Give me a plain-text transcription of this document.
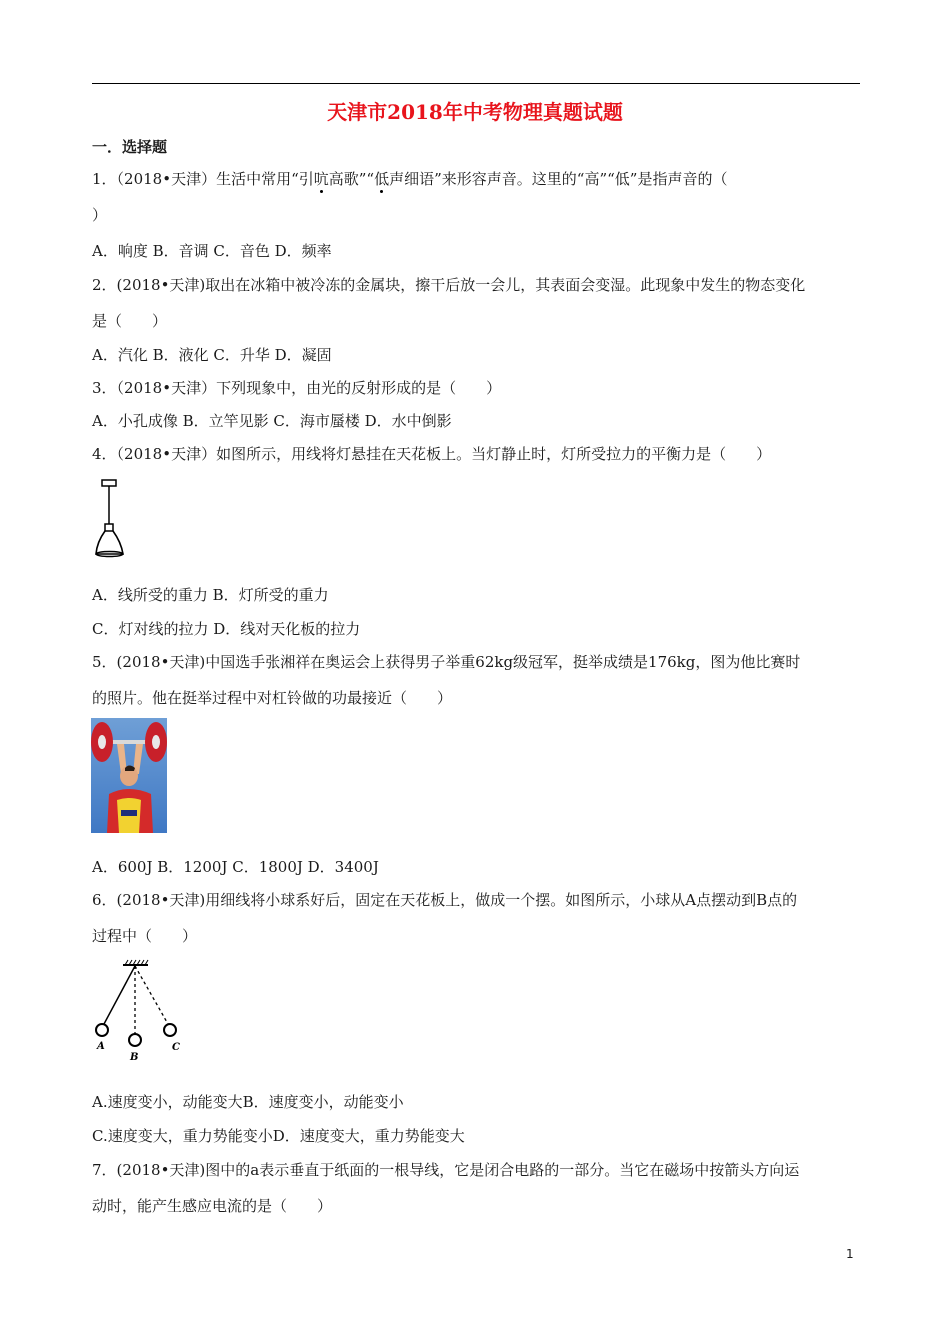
天津市2018年中考物理真题试题
一．选择题
1．（2018•天津）生活中常用“引吭高歌”“低声细语”来形容声音。这里的“高”“低”是指声音的（
）
A．响度 B．音调 C．音色 D．频率
2．(2018•天津)取出在冰箱中被冷冻的金属块，擦干后放一会儿，其表面会变湿。此现象中发生的物态变化
是（　　）
A．汽化 B．液化 C．升华 D．凝固
3．（2018•天津）下列现象中，由光的反射形成的是（　　）
A．小孔成像 B．立竿见影 C．海市蜃楼 D．水中倒影
4．（2018•天津）如图所示，用线将灯悬挂在天花板上。当灯静止时，灯所受拉力的平衡力是（　　）
A．线所受的重力 B．灯所受的重力
C．灯对线的拉力 D．线对天化板的拉力
5．(2018•天津)中国选手张湘祥在奥运会上获得男子举重62kg级冠军，挺举成绩是176kg，图为他比赛时
的照片。他在挺举过程中对杠铃做的功最接近（　　）
A．600J B．1200J C．1800J D．3400J
6．(2018•天津)用细线将小球系好后，固定在天花板上，做成一个摆。如图所示，小球从A点摆动到B点的
过程中（　　）
A
B
C
A.速度变小，动能变大B．速度变小，动能变小
C.速度变大，重力势能变小D．速度变大，重力势能变大
7．(2018•天津)图中的a表示垂直于纸面的一根导线，它是闭合电路的一部分。当它在磁场中按箭头方向运
动时，能产生感应电流的是（　　）
1
